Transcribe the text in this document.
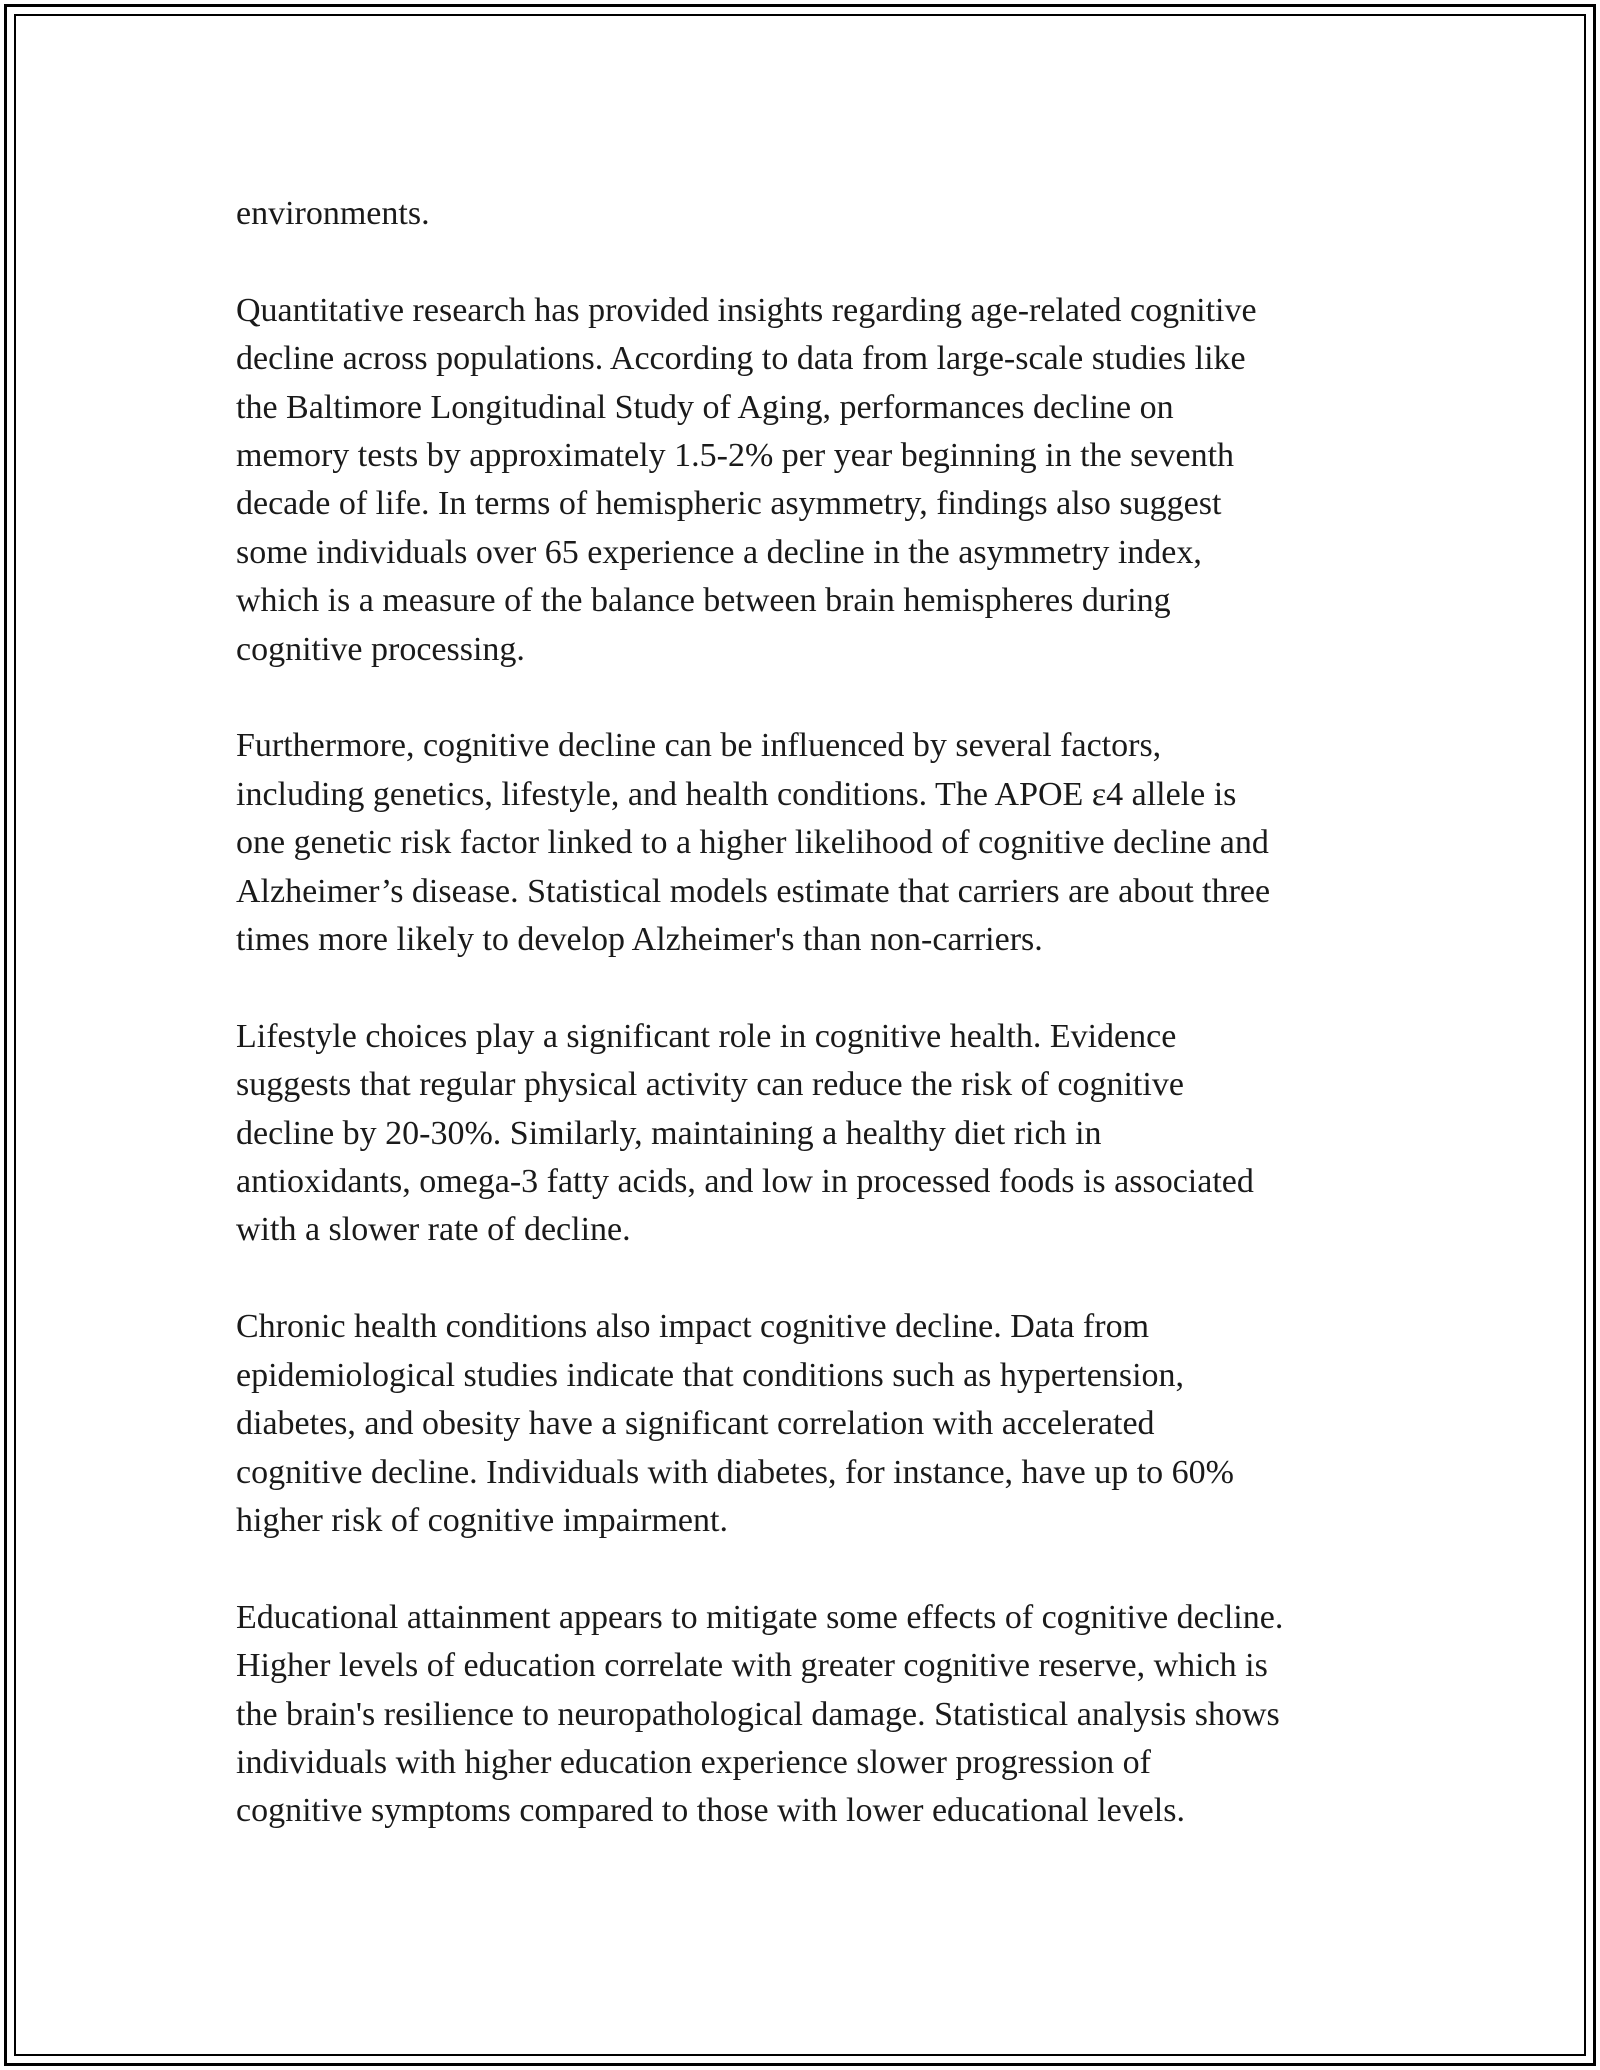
environments.

Quantitative research has provided insights regarding age-related cognitive
decline across populations. According to data from large-scale studies like
the Baltimore Longitudinal Study of Aging, performances decline on
memory tests by approximately 1.5-2% per year beginning in the seventh
decade of life. In terms of hemispheric asymmetry, findings also suggest
some individuals over 65 experience a decline in the asymmetry index,
which is a measure of the balance between brain hemispheres during
cognitive processing.

Furthermore, cognitive decline can be influenced by several factors,
including genetics, lifestyle, and health conditions. The APOE ε4 allele is
one genetic risk factor linked to a higher likelihood of cognitive decline and
Alzheimer’s disease. Statistical models estimate that carriers are about three
times more likely to develop Alzheimer's than non-carriers.

Lifestyle choices play a significant role in cognitive health. Evidence
suggests that regular physical activity can reduce the risk of cognitive
decline by 20-30%. Similarly, maintaining a healthy diet rich in
antioxidants, omega-3 fatty acids, and low in processed foods is associated
with a slower rate of decline.

Chronic health conditions also impact cognitive decline. Data from
epidemiological studies indicate that conditions such as hypertension,
diabetes, and obesity have a significant correlation with accelerated
cognitive decline. Individuals with diabetes, for instance, have up to 60%
higher risk of cognitive impairment.

Educational attainment appears to mitigate some effects of cognitive decline.
Higher levels of education correlate with greater cognitive reserve, which is
the brain's resilience to neuropathological damage. Statistical analysis shows
individuals with higher education experience slower progression of
cognitive symptoms compared to those with lower educational levels.
